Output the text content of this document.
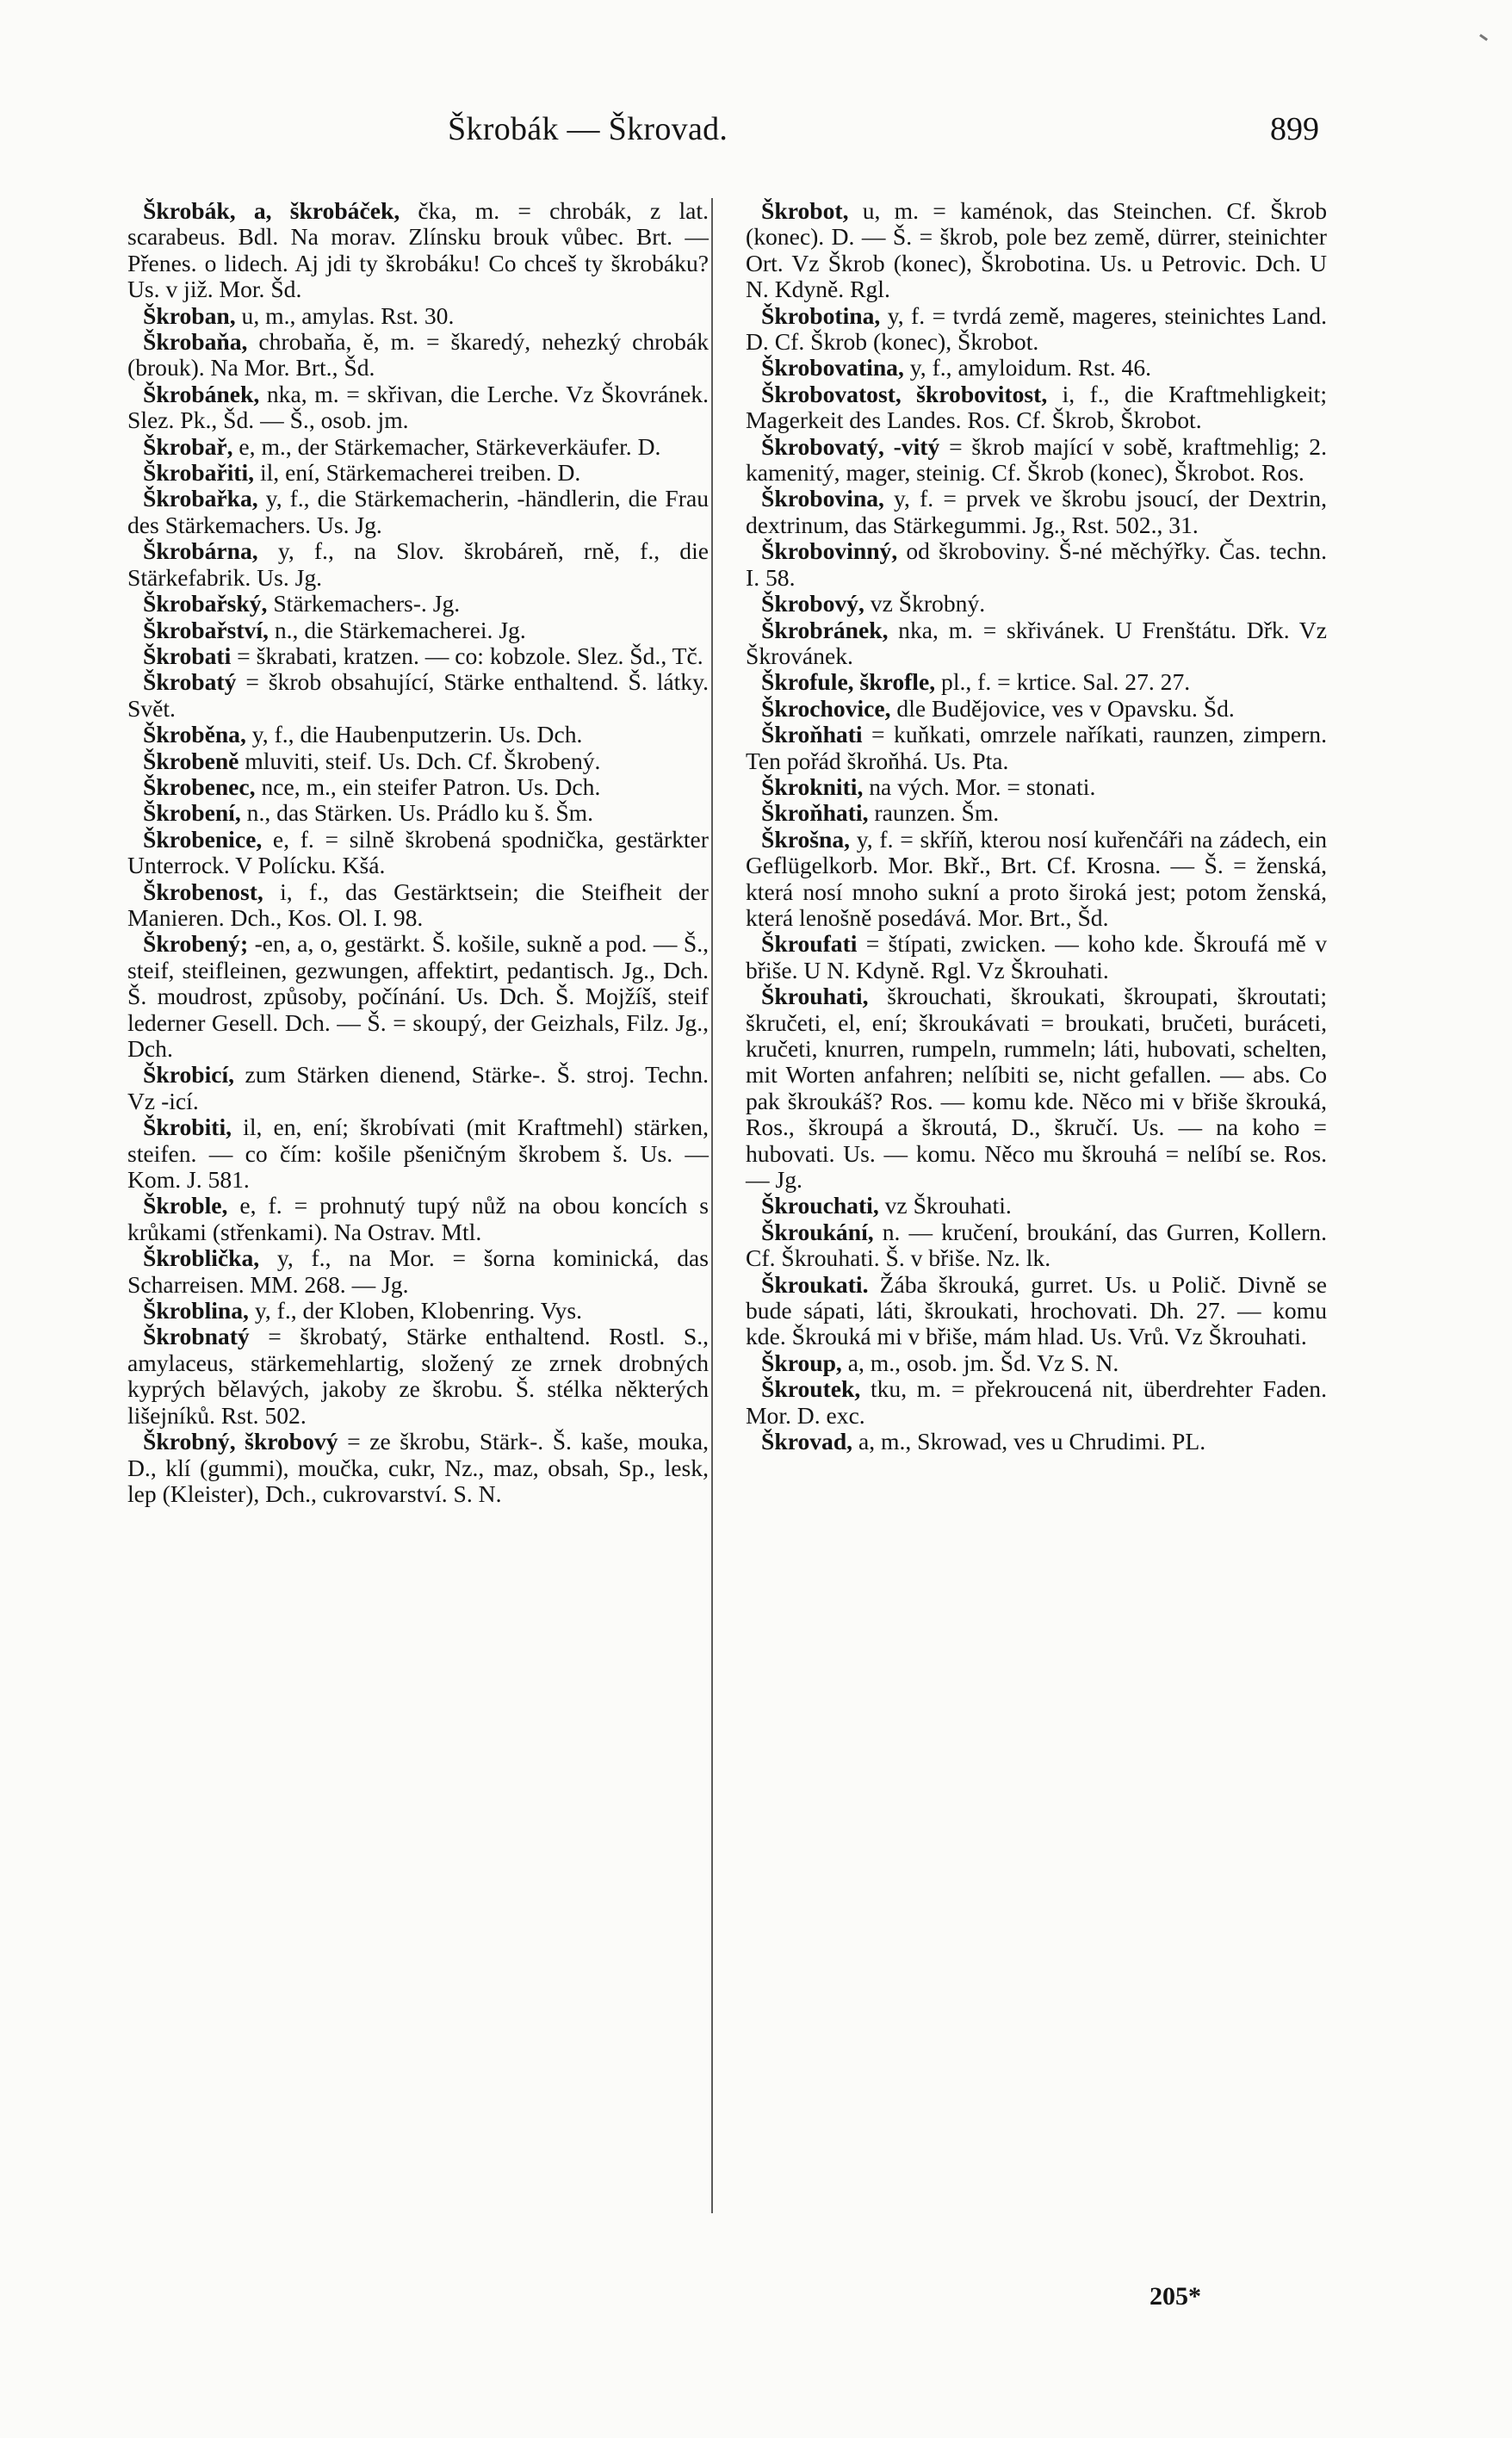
Škrobák — Škrovad.	899

Škrobák, a, škrobáček, čka, m. = chrobák, z lat. scarabeus. Bdl. Na morav. Zlínsku brouk vůbec. Brt. — Přenes. o lidech. Aj jdi ty škrobáku! Co chceš ty škrobáku? Us. v již. Mor. Šd.

Škroban, u, m., amylas. Rst. 30.

Škrobaňa, chrobaňa, ě, m. = škaredý, nehezký chrobák (brouk). Na Mor. Brt., Šd.

Škrobánek, nka, m. = skřivan, die Lerche. Vz Škovránek. Slez. Pk., Šd. — Š., osob. jm.

Škrobař, e, m., der Stärkemacher, Stärkeverkäufer. D.

Škrobařiti, il, ení, Stärkemacherei treiben. D.

Škrobařka, y, f., die Stärkemacherin, -händlerin, die Frau des Stärkemachers. Us. Jg.

Škrobárna, y, f., na Slov. škrobáreň, rně, f., die Stärkefabrik. Us. Jg.

Škrobařský, Stärkemachers-. Jg.

Škrobařství, n., die Stärkemacherei. Jg.

Škrobati = škrabati, kratzen. — co: kobzole. Slez. Šd., Tč.

Škrobatý = škrob obsahující, Stärke enthaltend. Š. látky. Svět.

Škroběna, y, f., die Haubenputzerin. Us. Dch.

Škrobeně mluviti, steif. Us. Dch. Cf. Škrobený.

Škrobenec, nce, m., ein steifer Patron. Us. Dch.

Škrobení, n., das Stärken. Us. Prádlo ku š. Šm.

Škrobenice, e, f. = silně škrobená spodnička, gestärkter Unterrock. V Polícku. Kšá.

Škrobenost, i, f., das Gestärktsein; die Steifheit der Manieren. Dch., Kos. Ol. I. 98.

Škrobený; -en, a, o, gestärkt. Š. košile, sukně a pod. — Š., steif, steifleinen, gezwungen, affektirt, pedantisch. Jg., Dch. Š. moudrost, způsoby, počínání. Us. Dch. Š. Mojžíš, steif lederner Gesell. Dch. — Š. = skoupý, der Geizhals, Filz. Jg., Dch.

Škrobicí, zum Stärken dienend, Stärke-. Š. stroj. Techn. Vz -icí.

Škrobiti, il, en, ení; škrobívati (mit Kraftmehl) stärken, steifen. — co čím: košile pšeničným škrobem š. Us. — Kom. J. 581.

Škroble, e, f. = prohnutý tupý nůž na obou koncích s krůkami (střenkami). Na Ostrav. Mtl.

Škroblička, y, f., na Mor. = šorna kominická, das Scharreisen. MM. 268. — Jg.

Škroblina, y, f., der Kloben, Klobenring. Vys.

Škrobnatý = škrobatý, Stärke enthaltend. Rostl. S., amylaceus, stärkemehlartig, složený ze zrnek drobných kyprých bělavých, jakoby ze škrobu. Š. stélka některých lišejníků. Rst. 502.

Škrobný, škrobový = ze škrobu, Stärk-. Š. kaše, mouka, D., klí (gummi), moučka, cukr, Nz., maz, obsah, Sp., lesk, lep (Kleister), Dch., cukrovarství. S. N.

Škrobot, u, m. = kaménok, das Steinchen. Cf. Škrob (konec). D. — Š. = škrob, pole bez země, dürrer, steinichter Ort. Vz Škrob (konec), Škrobotina. Us. u Petrovic. Dch. U N. Kdyně. Rgl.

Škrobotina, y, f. = tvrdá země, mageres, steinichtes Land. D. Cf. Škrob (konec), Škrobot.

Škrobovatina, y, f., amyloidum. Rst. 46.

Škrobovatost, škrobovitost, i, f., die Kraftmehligkeit; Magerkeit des Landes. Ros. Cf. Škrob, Škrobot.

Škrobovatý, -vitý = škrob mající v sobě, kraftmehlig; 2. kamenitý, mager, steinig. Cf. Škrob (konec), Škrobot. Ros.

Škrobovina, y, f. = prvek ve škrobu jsoucí, der Dextrin, dextrinum, das Stärkegummi. Jg., Rst. 502., 31.

Škrobovinný, od škroboviny. Š-né měchýřky. Čas. techn. I. 58.

Škrobový, vz Škrobný.

Škrobránek, nka, m. = skřivánek. U Frenštátu. Dřk. Vz Škrovánek.

Škrofule, škrofle, pl., f. = krtice. Sal. 27. 27.

Škrochovice, dle Budějovice, ves v Opavsku. Šd.

Škroňhati = kuňkati, omrzele naříkati, raunzen, zimpern. Ten pořád škroňhá. Us. Pta.

Škrokniti, na vých. Mor. = stonati.

Škroňhati, raunzen. Šm.

Škrošna, y, f. = skříň, kterou nosí kuřenčáři na zádech, ein Geflügelkorb. Mor. Bkř., Brt. Cf. Krosna. — Š. = ženská, která nosí mnoho sukní a proto široká jest; potom ženská, která lenošně posedává. Mor. Brt., Šd.

Škroufati = štípati, zwicken. — koho kde. Škroufá mě v břiše. U N. Kdyně. Rgl. Vz Škrouhati.

Škrouhati, škrouchati, škroukati, škroupati, škroutati; škručeti, el, ení; škroukávati = broukati, bručeti, buráceti, kručeti, knurren, rumpeln, rummeln; láti, hubovati, schelten, mit Worten anfahren; nelíbiti se, nicht gefallen. — abs. Co pak škroukáš? Ros. — komu kde. Něco mi v břiše škrouká, Ros., škroupá a škroutá, D., škručí. Us. — na koho = hubovati. Us. — komu. Něco mu škrouhá = nelíbí se. Ros. — Jg.

Škrouchati, vz Škrouhati.

Škroukání, n. — kručení, broukání, das Gurren, Kollern. Cf. Škrouhati. Š. v břiše. Nz. lk.

Škroukati. Žába škrouká, gurret. Us. u Polič. Divně se bude sápati, láti, škroukati, hrochovati. Dh. 27. — komu kde. Škrouká mi v břiše, mám hlad. Us. Vrů. Vz Škrouhati.

Škroup, a, m., osob. jm. Šd. Vz S. N.

Škroutek, tku, m. = překroucená nit, überdrehter Faden. Mor. D. exc.

Škrovad, a, m., Skrowad, ves u Chrudimi. PL.

205*
